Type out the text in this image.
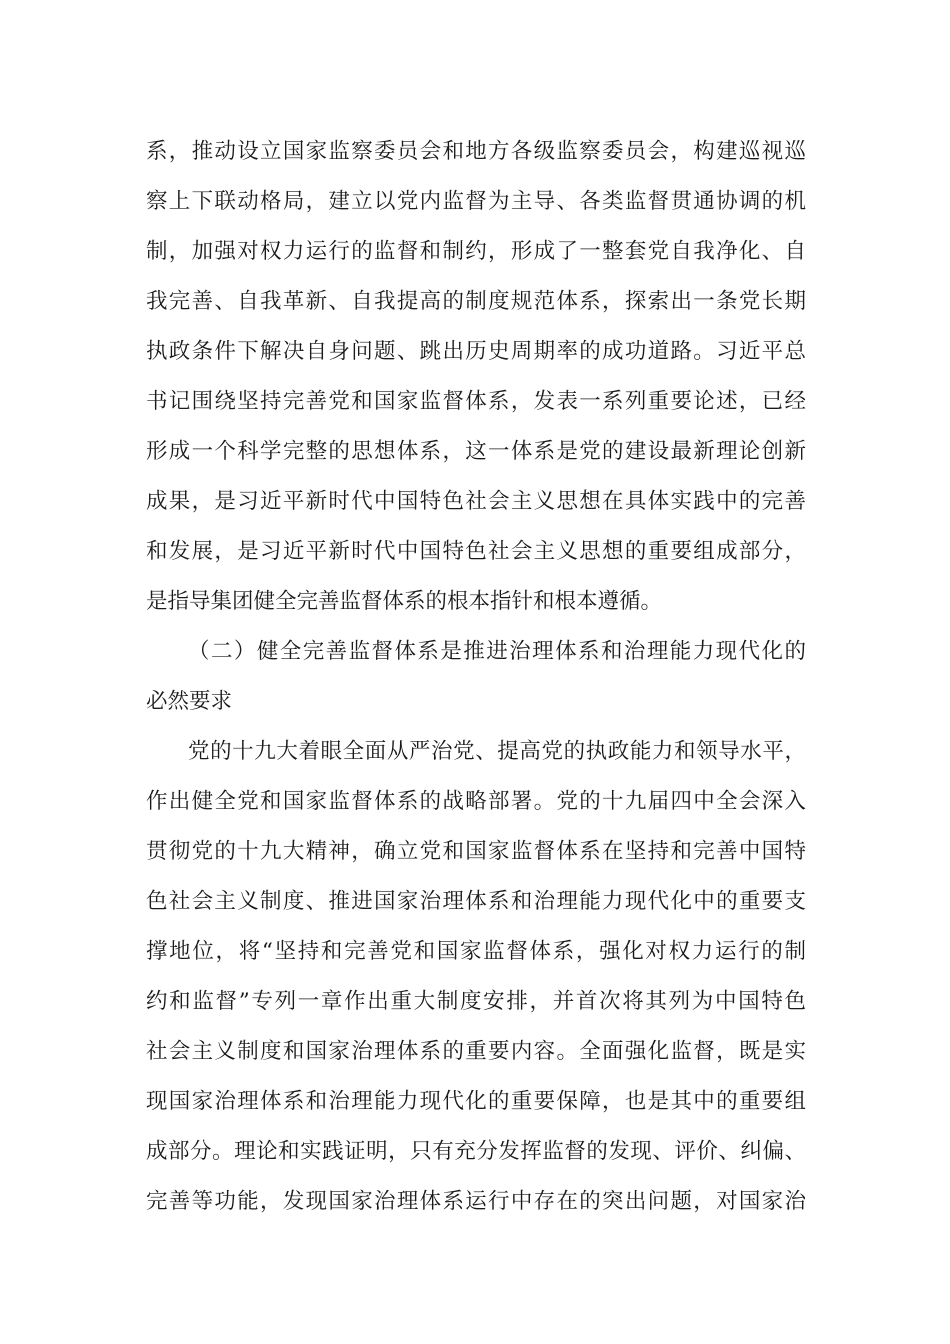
系，推动设立国家监察委员会和地方各级监察委员会，构建巡视巡
察上下联动格局，建立以党内监督为主导、各类监督贯通协调的机
制，加强对权力运行的监督和制约，形成了一整套党自我净化、自
我完善、自我革新、自我提高的制度规范体系，探索出一条党长期
执政条件下解决自身问题、跳出历史周期率的成功道路。习近平总
书记围绕坚持完善党和国家监督体系，发表一系列重要论述，已经
形成一个科学完整的思想体系，这一体系是党的建设最新理论创新
成果，是习近平新时代中国特色社会主义思想在具体实践中的完善
和发展，是习近平新时代中国特色社会主义思想的重要组成部分，
是指导集团健全完善监督体系的根本指针和根本遵循。
（二）健全完善监督体系是推进治理体系和治理能力现代化的
必然要求
党的十九大着眼全面从严治党、提高党的执政能力和领导水平，
作出健全党和国家监督体系的战略部署。党的十九届四中全会深入
贯彻党的十九大精神，确立党和国家监督体系在坚持和完善中国特
色社会主义制度、推进国家治理体系和治理能力现代化中的重要支
撑地位，将“坚持和完善党和国家监督体系，强化对权力运行的制
约和监督”专列一章作出重大制度安排，并首次将其列为中国特色
社会主义制度和国家治理体系的重要内容。全面强化监督，既是实
现国家治理体系和治理能力现代化的重要保障，也是其中的重要组
成部分。理论和实践证明，只有充分发挥监督的发现、评价、纠偏、
完善等功能，发现国家治理体系运行中存在的突出问题，对国家治
